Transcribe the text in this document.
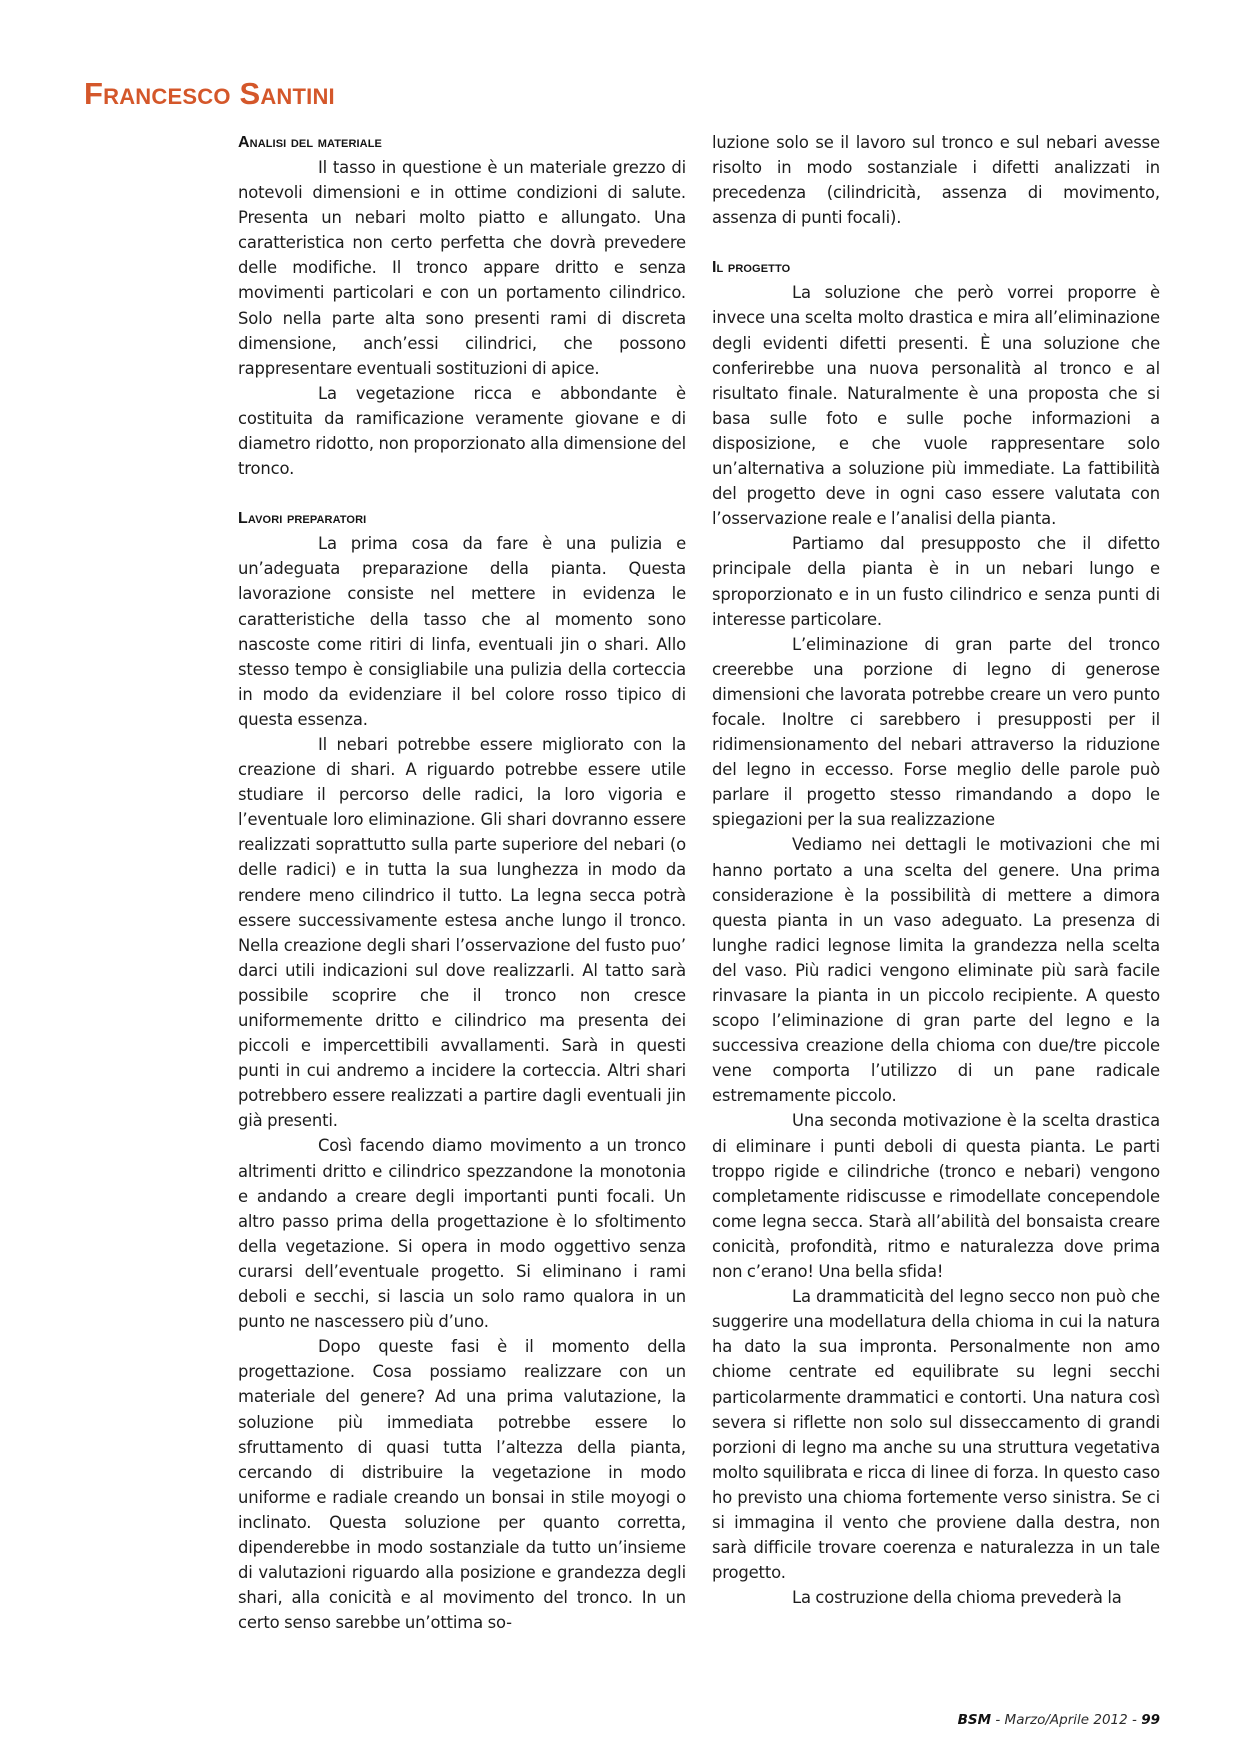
Francesco Santini
Analisi del materiale

Il tasso in questione è un materiale grezzo di notevoli dimensioni e in ottime condizioni di salute. Presenta un nebari molto piatto e allungato. Una caratteristica non certo perfetta che dovrà prevedere delle modifiche. Il tronco appare dritto e senza movimenti particolari e con un portamento cilindrico. Solo nella parte alta sono presenti rami di discreta dimensione, anch’essi cilindrici, che possono rappresentare eventuali sostituzioni di apice.

La vegetazione ricca e abbondante è costituita da ramificazione veramente giovane e di diametro ridotto, non proporzionato alla dimensione del tronco.

Lavori preparatori

La prima cosa da fare è una pulizia e un’adeguata preparazione della pianta. Questa lavorazione consiste nel mettere in evidenza le caratteristiche della tasso che al momento sono nascoste come ritiri di linfa, eventuali jin o shari. Allo stesso tempo è consigliabile una pulizia della corteccia in modo da evidenziare il bel colore rosso tipico di questa essenza.

Il nebari potrebbe essere migliorato con la creazione di shari. A riguardo potrebbe essere utile studiare il percorso delle radici, la loro vigoria e l’eventuale loro eliminazione. Gli shari dovranno essere realizzati soprattutto sulla parte superiore del nebari (o delle radici) e in tutta la sua lunghezza in modo da rendere meno cilindrico il tutto. La legna secca potrà essere successivamente estesa anche lungo il tronco. Nella creazione degli shari l’osservazione del fusto puo’ darci utili indicazioni sul dove realizzarli. Al tatto sarà possibile scoprire che il tronco non cresce uniformemente dritto e cilindrico ma presenta dei piccoli e impercettibili avvallamenti. Sarà in questi punti in cui andremo a incidere la corteccia. Altri shari potrebbero essere realizzati a partire dagli eventuali jin già presenti.

Così facendo diamo movimento a un tronco altrimenti dritto e cilindrico spezzandone la monotonia e andando a creare degli importanti punti focali. Un altro passo prima della progettazione è lo sfoltimento della vegetazione. Si opera in modo oggettivo senza curarsi dell’eventuale progetto. Si eliminano i rami deboli e secchi, si lascia un solo ramo qualora in un punto ne nascessero più d’uno.

Dopo queste fasi è il momento della progettazione. Cosa possiamo realizzare con un materiale del genere? Ad una prima valutazione, la soluzione più immediata potrebbe essere lo sfruttamento di quasi tutta l’altezza della pianta, cercando di distribuire la vegetazione in modo uniforme e radiale creando un bonsai in stile moyogi o inclinato. Questa soluzione per quanto corretta, dipenderebbe in modo sostanziale da tutto un’insieme di valutazioni riguardo alla posizione e grandezza degli shari, alla conicità e al movimento del tronco. In un certo senso sarebbe un’ottima so-

luzione solo se il lavoro sul tronco e sul nebari avesse risolto in modo sostanziale i difetti analizzati in precedenza (cilindricità, assenza di movimento, assenza di punti focali).

Il progetto

La soluzione che però vorrei proporre è invece una scelta molto drastica e mira all’eliminazione degli evidenti difetti presenti. È una soluzione che conferirebbe una nuova personalità al tronco e al risultato finale. Naturalmente è una proposta che si basa sulle foto e sulle poche informazioni a disposizione, e che vuole rappresentare solo un’alternativa a soluzione più immediate. La fattibilità del progetto deve in ogni caso essere valutata con l’osservazione reale e l’analisi della pianta.

Partiamo dal presupposto che il difetto principale della pianta è in un nebari lungo e sproporzionato e in un fusto cilindrico e senza punti di interesse particolare.

L’eliminazione di gran parte del tronco creerebbe una porzione di legno di generose dimensioni che lavorata potrebbe creare un vero punto focale. Inoltre ci sarebbero i presupposti per il ridimensionamento del nebari attraverso la riduzione del legno in eccesso. Forse meglio delle parole può parlare il progetto stesso rimandando a dopo le spiegazioni per la sua realizzazione

Vediamo nei dettagli le motivazioni che mi hanno portato a una scelta del genere. Una prima considerazione è la possibilità di mettere a dimora questa pianta in un vaso adeguato. La presenza di lunghe radici legnose limita la grandezza nella scelta del vaso. Più radici vengono eliminate più sarà facile rinvasare la pianta in un piccolo recipiente. A questo scopo l’eliminazione di gran parte del legno e la successiva creazione della chioma con due/tre piccole vene comporta l’utilizzo di un pane radicale estremamente piccolo.

Una seconda motivazione è la scelta drastica di eliminare i punti deboli di questa pianta. Le parti troppo rigide e cilindriche (tronco e nebari) vengono completamente ridiscusse e rimodellate concependole come legna secca. Starà all’abilità del bonsaista creare conicità, profondità, ritmo e naturalezza dove prima non c’erano! Una bella sfida!

La drammaticità del legno secco non può che suggerire una modellatura della chioma in cui la natura ha dato la sua impronta. Personalmente non amo chiome centrate ed equilibrate su legni secchi particolarmente drammatici e contorti. Una natura così severa si riflette non solo sul disseccamento di grandi porzioni di legno ma anche su una struttura vegetativa molto squilibrata e ricca di linee di forza. In questo caso ho previsto una chioma fortemente verso sinistra. Se ci si immagina il vento che proviene dalla destra, non sarà difficile trovare coerenza e naturalezza in un tale progetto.

La costruzione della chioma prevederà la

BSM - Marzo/Aprile 2012 - 99
